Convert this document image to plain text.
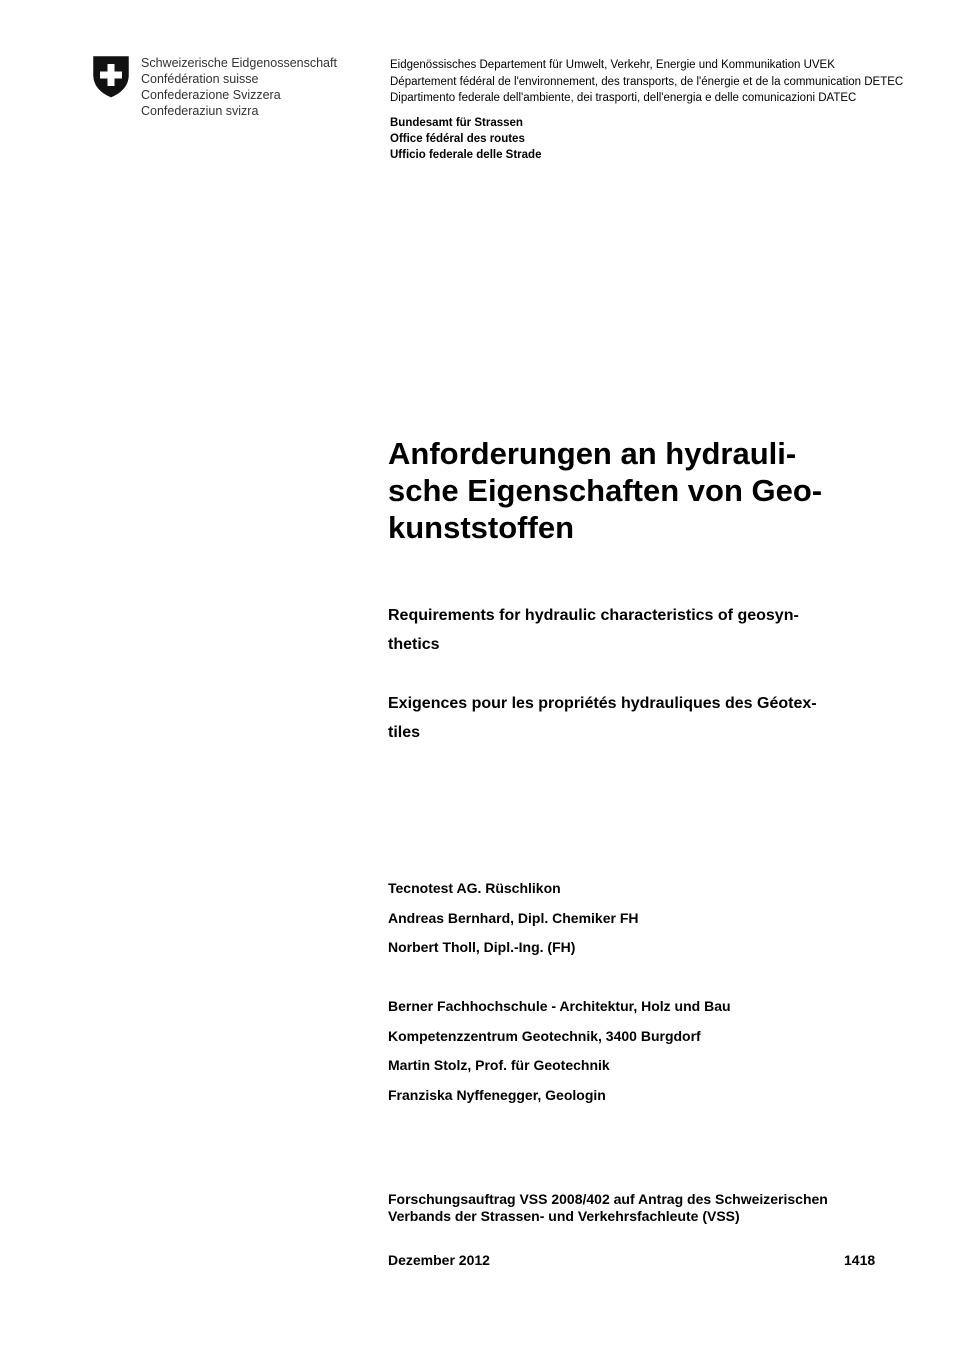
Schweizerische Eidgenossenschaft
Confédération suisse
Confederazione Svizzera
Confederaziun svizra
Eidgenössisches Departement für Umwelt, Verkehr, Energie und Kommunikation UVEK
Département fédéral de l'environnement, des transports, de l'énergie et de la communication DETEC
Dipartimento federale dell'ambiente, dei trasporti, dell'energia e delle comunicazioni DATEC
Bundesamt für Strassen
Office fédéral des routes
Ufficio federale delle Strade
Anforderungen an hydrauli-
sche Eigenschaften von Geo-
kunststoffen
Requirements for hydraulic characteristics of geosyn-
thetics
Exigences pour les propriétés hydrauliques des Géotex-
tiles
Tecnotest AG. Rüschlikon
Andreas Bernhard, Dipl. Chemiker FH
Norbert Tholl, Dipl.-Ing. (FH)
Berner Fachhochschule - Architektur, Holz und Bau
Kompetenzzentrum Geotechnik, 3400 Burgdorf
Martin Stolz, Prof. für Geotechnik
Franziska Nyffenegger, Geologin
Forschungsauftrag VSS 2008/402 auf Antrag des Schweizerischen
Verbands der Strassen- und Verkehrsfachleute (VSS)
Dezember 2012	1418
